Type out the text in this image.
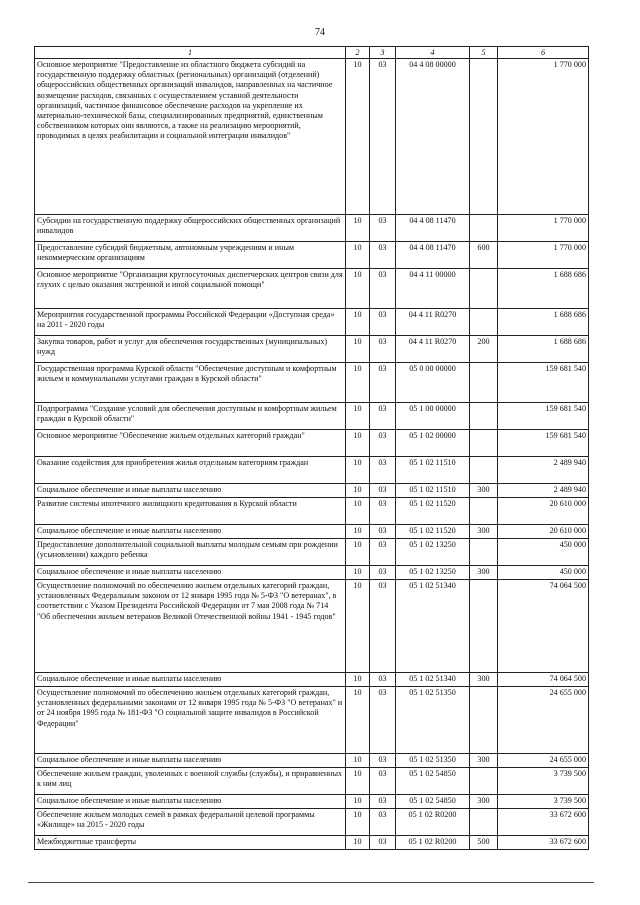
74
1	2	3	4	5	6
Основное мероприятие "Предоставление из областного бюджета субсидий на государственную поддержку областных (региональных) организаций (отделений) общероссийских общественных организаций инвалидов, направленных на частичное возмещение расходов, связанных с осуществлением уставной деятельности организаций, частичное финансовое обеспечение расходов на укрепление их материально-технической базы, специализированных предприятий, единственным собственником которых они являются, а также на реализацию мероприятий, проводимых в целях реабилитации и социальной интеграции инвалидов"	10	03	04 4 08 00000		1 770 000
Субсидии на государственную поддержку общероссийских общественных организаций инвалидов	10	03	04 4 08 11470		1 770 000
Предоставление субсидий бюджетным, автономным учреждениям и иным некоммерческим организациям	10	03	04 4 08 11470	600	1 770 000
Основное мероприятие "Организация круглосуточных диспетчерских центров связи для глухих с целью оказания экстренной и иной социальной помощи"	10	03	04 4 11 00000		1 688 686
Мероприятия государственной программы Российской Федерации «Доступная среда» на 2011 - 2020 годы	10	03	04 4 11 R0270		1 688 686
Закупка товаров, работ и услуг для обеспечения государственных (муниципальных) нужд	10	03	04 4 11 R0270	200	1 688 686
Государственная программа Курской области "Обеспечение доступным и комфортным жильем и коммунальными услугами граждан в Курской области"	10	03	05 0 00 00000		159 681 540
Подпрограмма "Создание условий для обеспечения доступным и комфортным жильем граждан в Курской области"	10	03	05 1 00 00000		159 681 540
Основное мероприятие "Обеспечение жильем отдельных категорий граждан"	10	03	05 1 02 00000		159 681 540
Оказание содействия для приобретения жилья отдельным категориям граждан	10	03	05 1 02 11510		2 489 940
Социальное обеспечение и иные выплаты населению	10	03	05 1 02 11510	300	2 489 940
Развитие системы ипотечного жилищного кредитования в Курской области	10	03	05 1 02 11520		20 610 000
Социальное обеспечение и иные выплаты населению	10	03	05 1 02 11520	300	20 610 000
Предоставление дополнительной социальной выплаты молодым семьям при рождении (усыновлении) каждого ребенка	10	03	05 1 02 13250		450 000
Социальное обеспечение и иные выплаты населению	10	03	05 1 02 13250	300	450 000
Осуществление полномочий по обеспечению жильем отдельных категорий граждан, установленных Федеральным законом от 12 января 1995 года № 5-ФЗ "О ветеранах", в соответствии с Указом Президента Российской Федерации от 7 мая 2008 года № 714 "Об обеспечении жильем ветеранов Великой Отечественной войны 1941 - 1945 годов"	10	03	05 1 02 51340		74 064 500
Социальное обеспечение и иные выплаты населению	10	03	05 1 02 51340	300	74 064 500
Осуществление полномочий по обеспечению жильем отдельных категорий граждан, установленных федеральными законами от 12 января 1995 года № 5-ФЗ "О ветеранах" и от 24 ноября 1995 года № 181-ФЗ "О социальной защите инвалидов в Российской Федерации"	10	03	05 1 02 51350		24 655 000
Социальное обеспечение и иные выплаты населению	10	03	05 1 02 51350	300	24 655 000
Обеспечение жильем граждан, уволенных с военной службы (службы), и приравненных к ним лиц	10	03	05 1 02 54850		3 739 500
Социальное обеспечение и иные выплаты населению	10	03	05 1 02 54850	300	3 739 500
Обеспечение жильем молодых семей в рамках федеральной целевой программы «Жилище» на 2015 - 2020 годы	10	03	05 1 02 R0200		33 672 600
Межбюджетные трансферты	10	03	05 1 02 R0200	500	33 672 600
